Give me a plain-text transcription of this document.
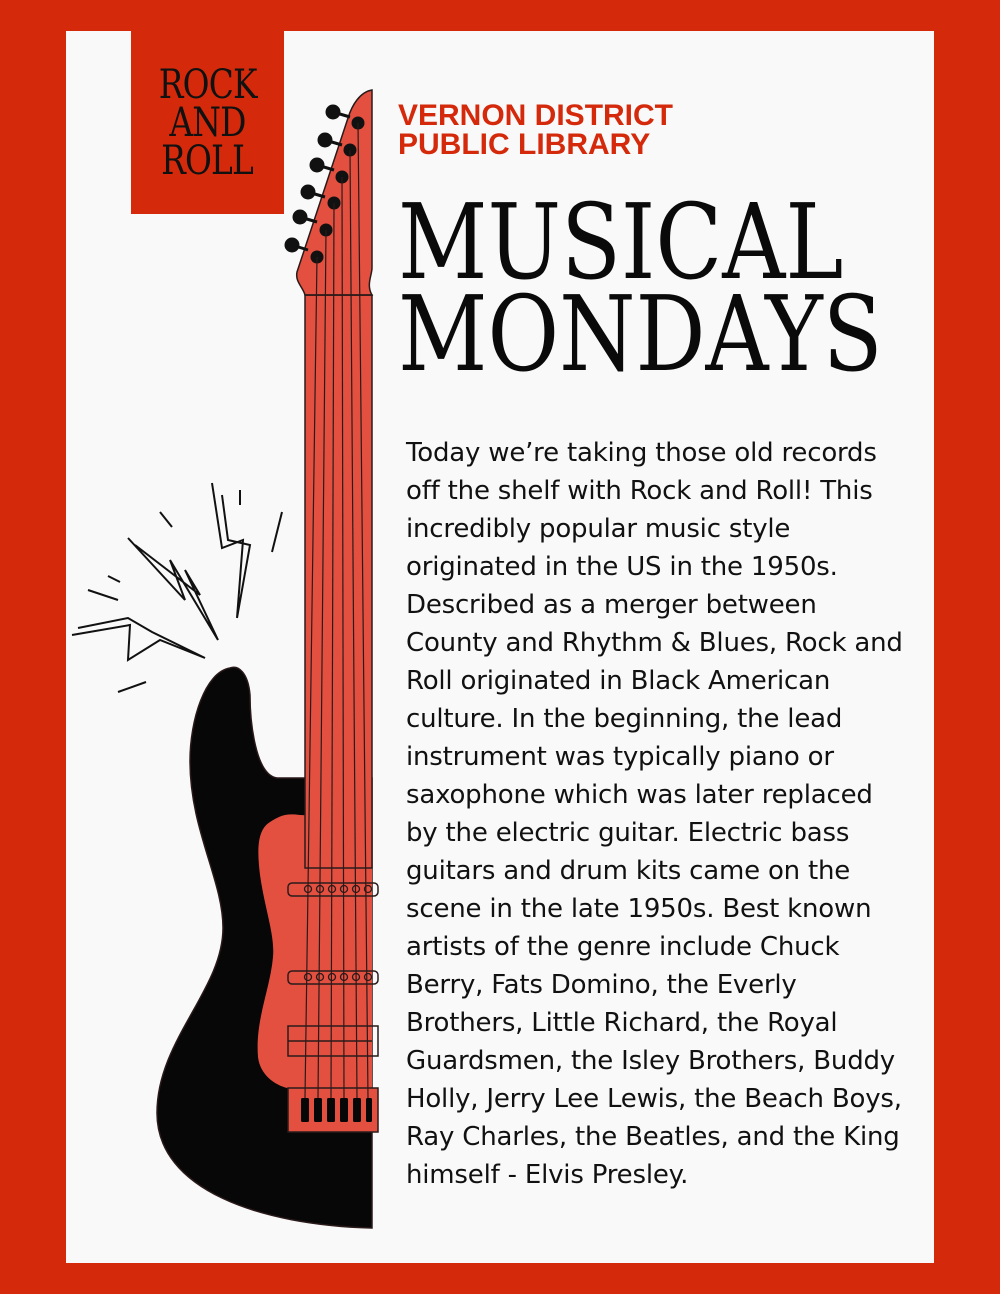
ROCK
AND
ROLL
VERNON DISTRICT
PUBLIC LIBRARY
MUSICAL
MONDAYS
Today we’re taking those old records off the shelf with Rock and Roll! This incredibly popular music style originated in the US in the 1950s. Described as a merger between County and Rhythm & Blues, Rock and Roll originated in Black American culture. In the beginning, the lead instrument was typically piano or saxophone which was later replaced by the electric guitar. Electric bass guitars and drum kits came on the scene in the late 1950s. Best known artists of the genre include Chuck Berry, Fats Domino, the Everly Brothers, Little Richard, the Royal Guardsmen, the Isley Brothers, Buddy Holly, Jerry Lee Lewis, the Beach Boys, Ray Charles, the Beatles, and the King himself - Elvis Presley.
